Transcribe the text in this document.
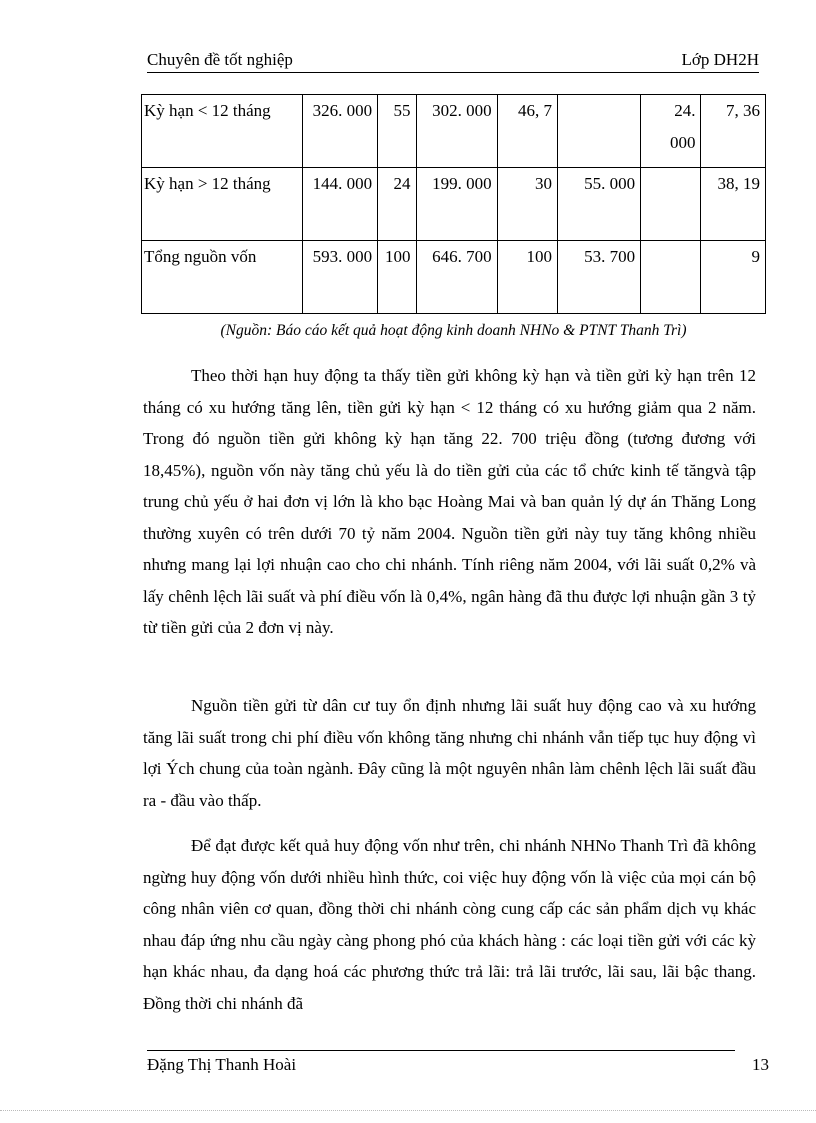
Chuyên đề tốt nghiệp	Lớp DH2H
Kỳ hạn < 12 tháng	326. 000	55	302. 000	46, 7		24. 000	7, 36
Kỳ hạn > 12 tháng	144. 000	24	199. 000	30	55. 000		38, 19
Tổng nguồn vốn	593. 000	100	646. 700	100	53. 700		9
(Nguồn: Báo cáo kết quả hoạt động kinh doanh NHNo & PTNT Thanh Trì)

Theo thời hạn huy động ta thấy tiền gửi không kỳ hạn và tiền gửi kỳ hạn trên 12 tháng có xu hướng tăng lên, tiền gửi kỳ hạn < 12 tháng có xu hướng giảm qua 2 năm. Trong đó nguồn tiền gửi không kỳ hạn tăng 22. 700 triệu đồng (tương đương với 18,45%), nguồn vốn này tăng chủ yếu là do tiền gửi của các tổ chức kinh tế tăngvà tập trung chủ yếu ở hai đơn vị lớn là kho bạc Hoàng Mai và ban quản lý dự án Thăng Long thường xuyên có trên dưới 70 tỷ năm 2004. Nguồn tiền gửi này tuy tăng không nhiều nhưng mang lại lợi nhuận cao cho chi nhánh. Tính riêng năm 2004, với lãi suất 0,2% và lấy chênh lệch lãi suất và phí điều vốn là 0,4%, ngân hàng đã thu được lợi nhuận gần 3 tỷ từ tiền gửi của 2 đơn vị này.

Nguồn tiền gửi từ dân cư tuy ổn định nhưng lãi suất huy động cao và xu hướng tăng lãi suất trong chi phí điều vốn không tăng nhưng chi nhánh vẫn tiếp tục huy động vì lợi Ých chung của toàn ngành. Đây cũng là một nguyên nhân làm chênh lệch lãi suất đầu ra - đầu vào thấp.

Để đạt được kết quả huy động vốn như trên, chi nhánh NHNo Thanh Trì đã không ngừng huy động vốn dưới nhiều hình thức, coi việc huy động vốn là việc của mọi cán bộ công nhân viên cơ quan, đồng thời chi nhánh còng cung cấp các sản phẩm dịch vụ khác nhau đáp ứng nhu cầu ngày càng phong phó của khách hàng : các loại tiền gửi với các kỳ hạn khác nhau, đa dạng hoá các phương thức trả lãi: trả lãi trước, lãi sau, lãi bậc thang. Đồng thời chi nhánh đã

Đặng Thị Thanh Hoài	13
